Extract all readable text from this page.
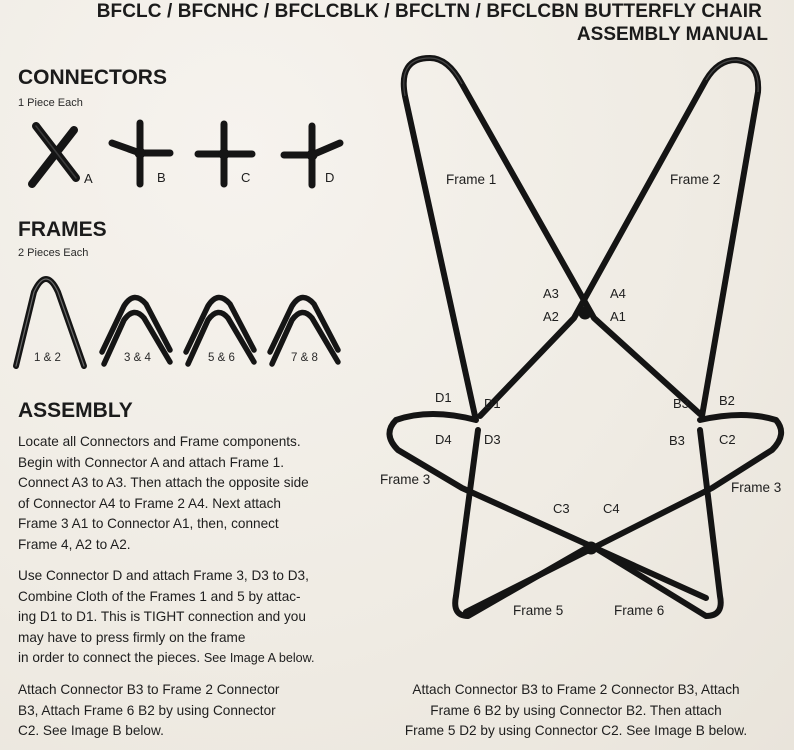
BFCLC / BFCNHC / BFCLCBLK / BFCLTN / BFCLCBN BUTTERFLY CHAIR
ASSEMBLY MANUAL
CONNECTORS
1 Piece Each
A	B	C	D
FRAMES
2 Pieces Each
1 & 2	3 & 4	5 & 6	7 & 8
ASSEMBLY
Locate all Connectors and Frame components.
Begin with Connector A and attach Frame 1.
Connect A3 to A3. Then attach the opposite side
of Connector A4 to Frame 2 A4. Next attach
Frame 3 A1 to Connector A1, then, connect
Frame 4, A2 to A2.
Use Connector D and attach Frame 3, D3 to D3,
Combine Cloth of the Frames 1 and 5 by attac-
ing D1 to D1. This is TIGHT connection and you
may have to press firmly on the frame
in order to connect the pieces. See Image A below.
Attach Connector B3 to Frame 2 Connector
B3, Attach Frame 6 B2 by using Connector
C2. See Image B below.
Attach Connector B3 to Frame 2 Connector B3, Attach
Frame 6 B2 by using Connector B2. Then attach
Frame 5 D2 by using Connector C2. See Image B below.
Frame 1	Frame 2
Frame 3
Frame 3
Frame 5	Frame 6
A3	A4
A2	A1
D1 D1
D4 D3
B3 B2
B3	C2
C3	C4
